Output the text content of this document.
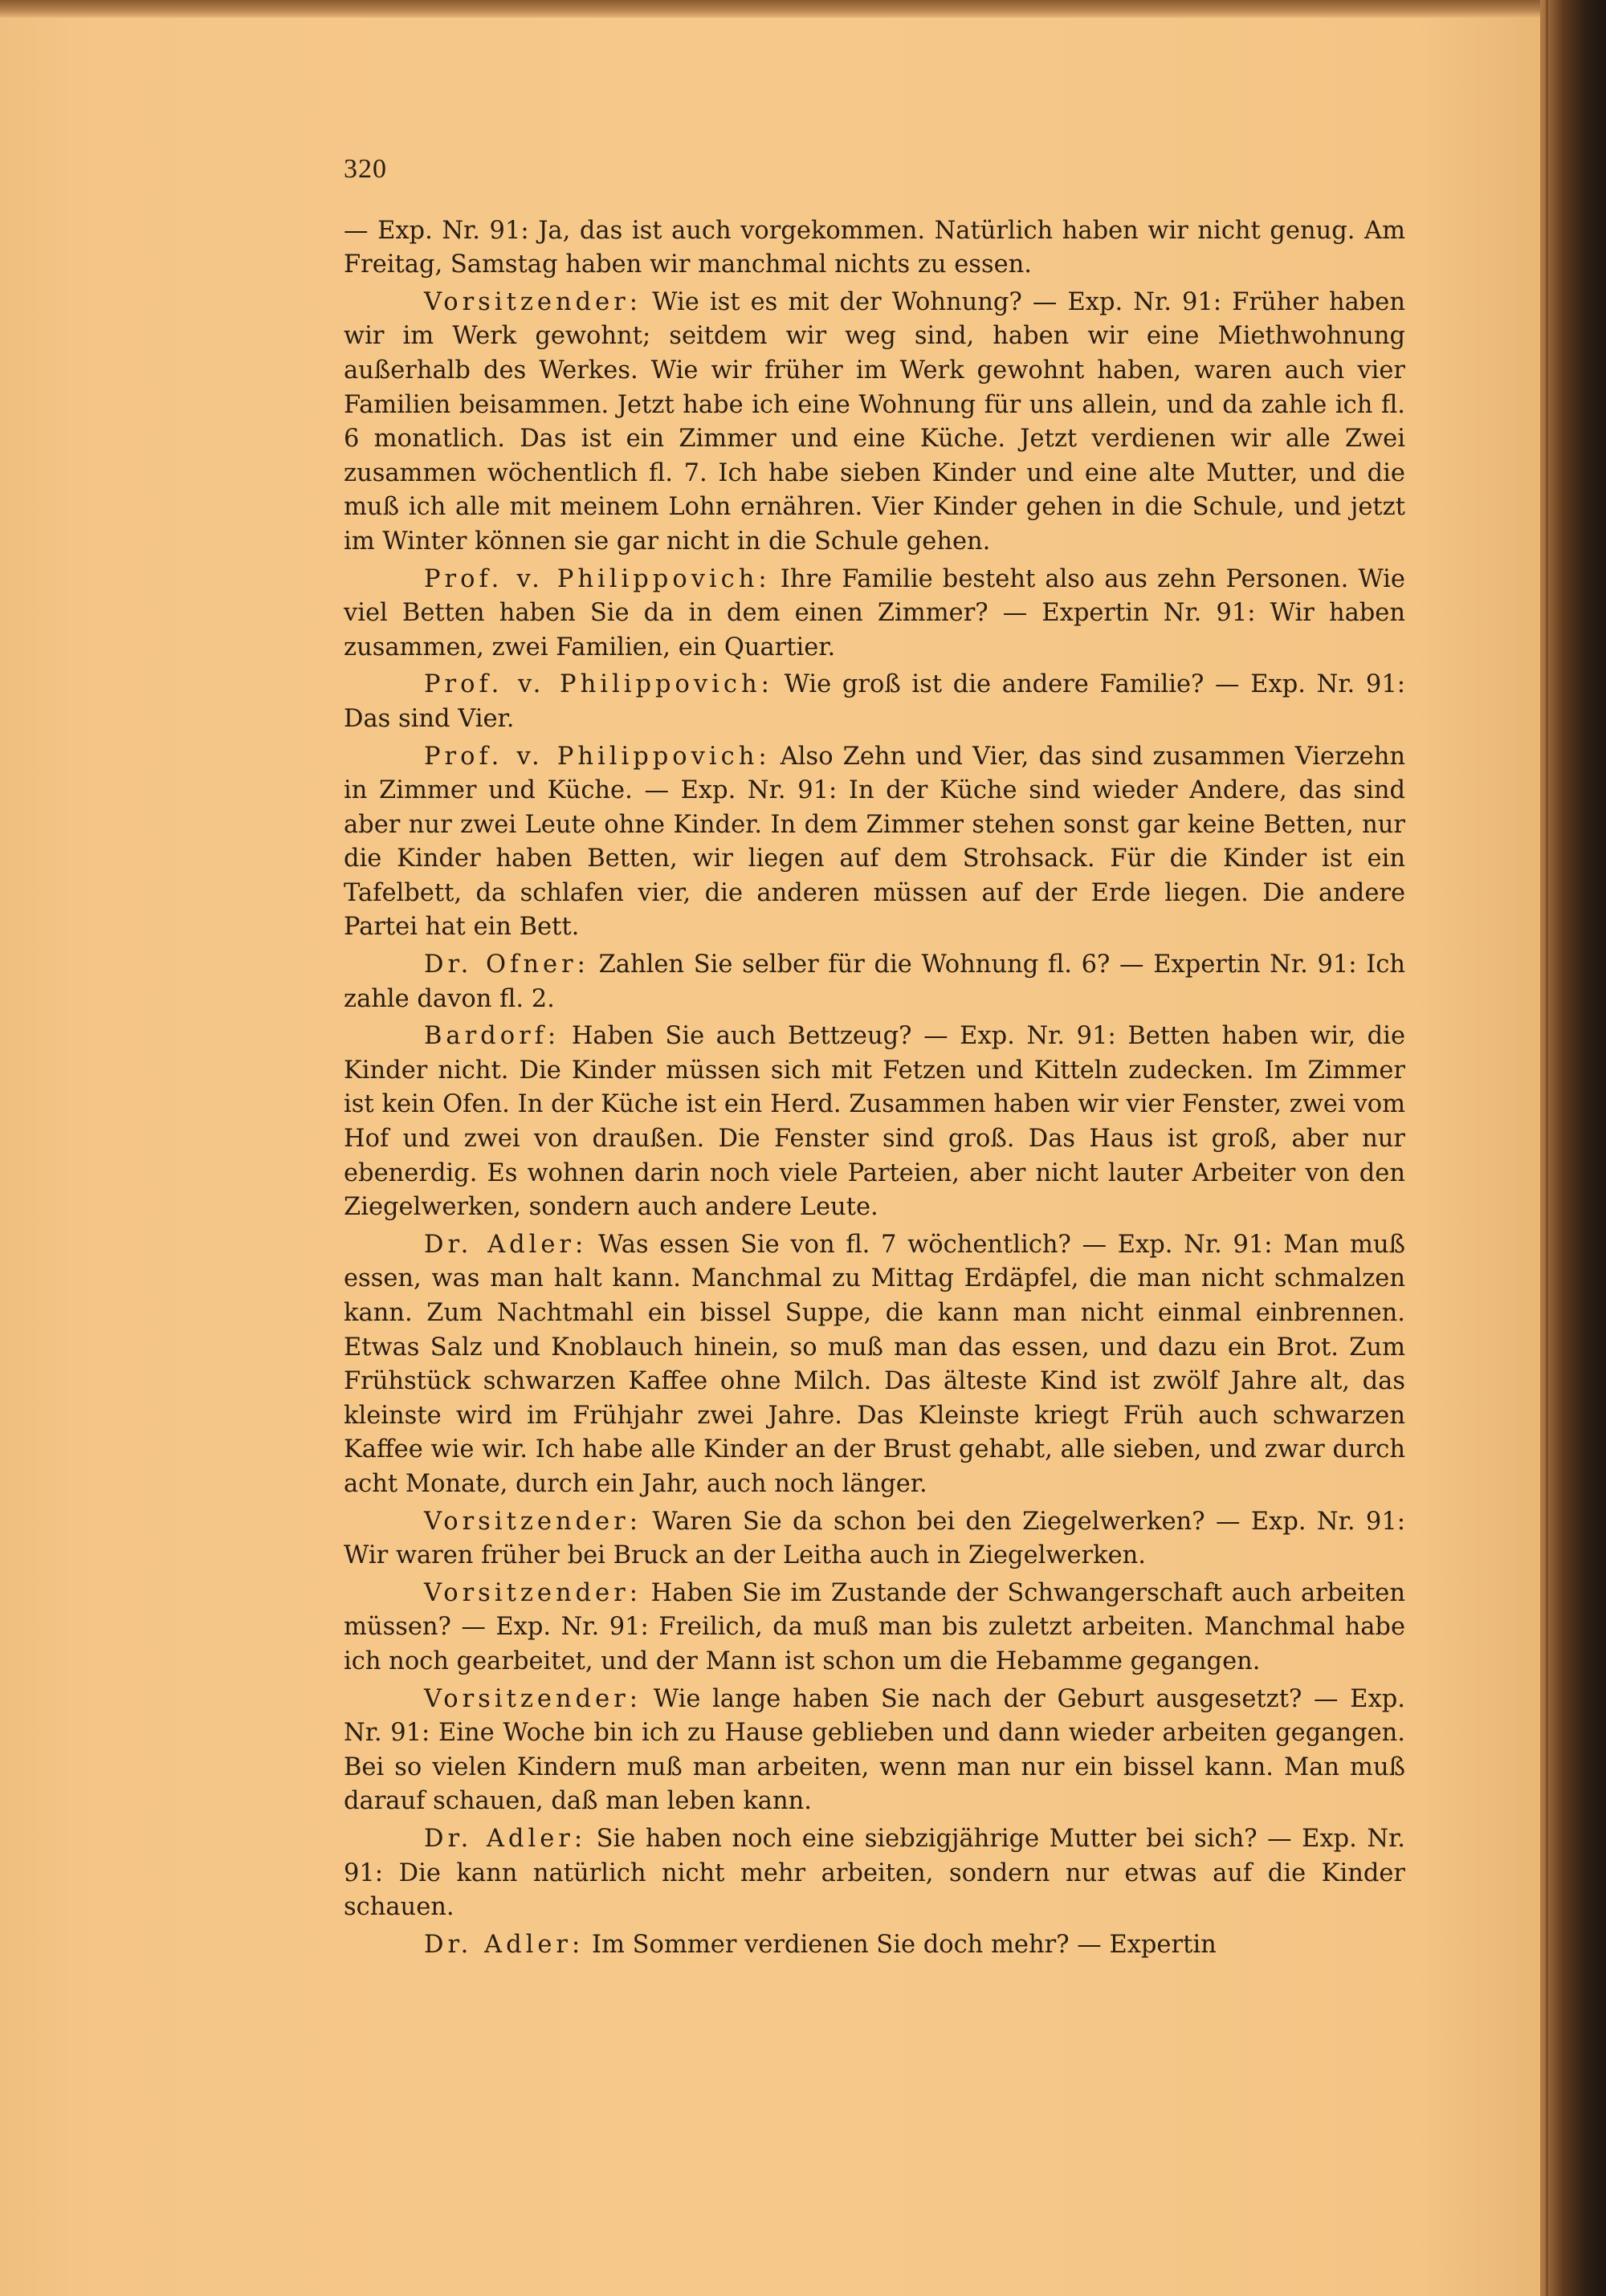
320

— Exp. Nr. 91: Ja, das ist auch vorgekommen. Natürlich haben wir nicht genug. Am Freitag, Samstag haben wir manchmal nichts zu essen.

Vorsitzender: Wie ist es mit der Wohnung? — Exp. Nr. 91: Früher haben wir im Werk gewohnt; seitdem wir weg sind, haben wir eine Miethwohnung außerhalb des Werkes. Wie wir früher im Werk gewohnt haben, waren auch vier Familien beisammen. Jetzt habe ich eine Wohnung für uns allein, und da zahle ich fl. 6 monatlich. Das ist ein Zimmer und eine Küche. Jetzt verdienen wir alle Zwei zusammen wöchentlich fl. 7. Ich habe sieben Kinder und eine alte Mutter, und die muß ich alle mit meinem Lohn ernähren. Vier Kinder gehen in die Schule, und jetzt im Winter können sie gar nicht in die Schule gehen.

Prof. v. Philippovich: Ihre Familie besteht also aus zehn Personen. Wie viel Betten haben Sie da in dem einen Zimmer? — Expertin Nr. 91: Wir haben zusammen, zwei Familien, ein Quartier.

Prof. v. Philippovich: Wie groß ist die andere Familie? — Exp. Nr. 91: Das sind Vier.

Prof. v. Philippovich: Also Zehn und Vier, das sind zusammen Vierzehn in Zimmer und Küche. — Exp. Nr. 91: In der Küche sind wieder Andere, das sind aber nur zwei Leute ohne Kinder. In dem Zimmer stehen sonst gar keine Betten, nur die Kinder haben Betten, wir liegen auf dem Strohsack. Für die Kinder ist ein Tafelbett, da schlafen vier, die anderen müssen auf der Erde liegen. Die andere Partei hat ein Bett.

Dr. Ofner: Zahlen Sie selber für die Wohnung fl. 6? — Expertin Nr. 91: Ich zahle davon fl. 2.

Bardorf: Haben Sie auch Bettzeug? — Exp. Nr. 91: Betten haben wir, die Kinder nicht. Die Kinder müssen sich mit Fetzen und Kitteln zudecken. Im Zimmer ist kein Ofen. In der Küche ist ein Herd. Zusammen haben wir vier Fenster, zwei vom Hof und zwei von draußen. Die Fenster sind groß. Das Haus ist groß, aber nur ebenerdig. Es wohnen darin noch viele Parteien, aber nicht lauter Arbeiter von den Ziegelwerken, sondern auch andere Leute.

Dr. Adler: Was essen Sie von fl. 7 wöchentlich? — Exp. Nr. 91: Man muß essen, was man halt kann. Manchmal zu Mittag Erdäpfel, die man nicht schmalzen kann. Zum Nachtmahl ein bissel Suppe, die kann man nicht einmal einbrennen. Etwas Salz und Knoblauch hinein, so muß man das essen, und dazu ein Brot. Zum Frühstück schwarzen Kaffee ohne Milch. Das älteste Kind ist zwölf Jahre alt, das kleinste wird im Frühjahr zwei Jahre. Das Kleinste kriegt Früh auch schwarzen Kaffee wie wir. Ich habe alle Kinder an der Brust gehabt, alle sieben, und zwar durch acht Monate, durch ein Jahr, auch noch länger.

Vorsitzender: Waren Sie da schon bei den Ziegelwerken? — Exp. Nr. 91: Wir waren früher bei Bruck an der Leitha auch in Ziegelwerken.

Vorsitzender: Haben Sie im Zustande der Schwangerschaft auch arbeiten müssen? — Exp. Nr. 91: Freilich, da muß man bis zuletzt arbeiten. Manchmal habe ich noch gearbeitet, und der Mann ist schon um die Hebamme gegangen.

Vorsitzender: Wie lange haben Sie nach der Geburt ausgesetzt? — Exp. Nr. 91: Eine Woche bin ich zu Hause geblieben und dann wieder arbeiten gegangen. Bei so vielen Kindern muß man arbeiten, wenn man nur ein bissel kann. Man muß darauf schauen, daß man leben kann.

Dr. Adler: Sie haben noch eine siebzigjährige Mutter bei sich? — Exp. Nr. 91: Die kann natürlich nicht mehr arbeiten, sondern nur etwas auf die Kinder schauen.

Dr. Adler: Im Sommer verdienen Sie doch mehr? — Expertin
